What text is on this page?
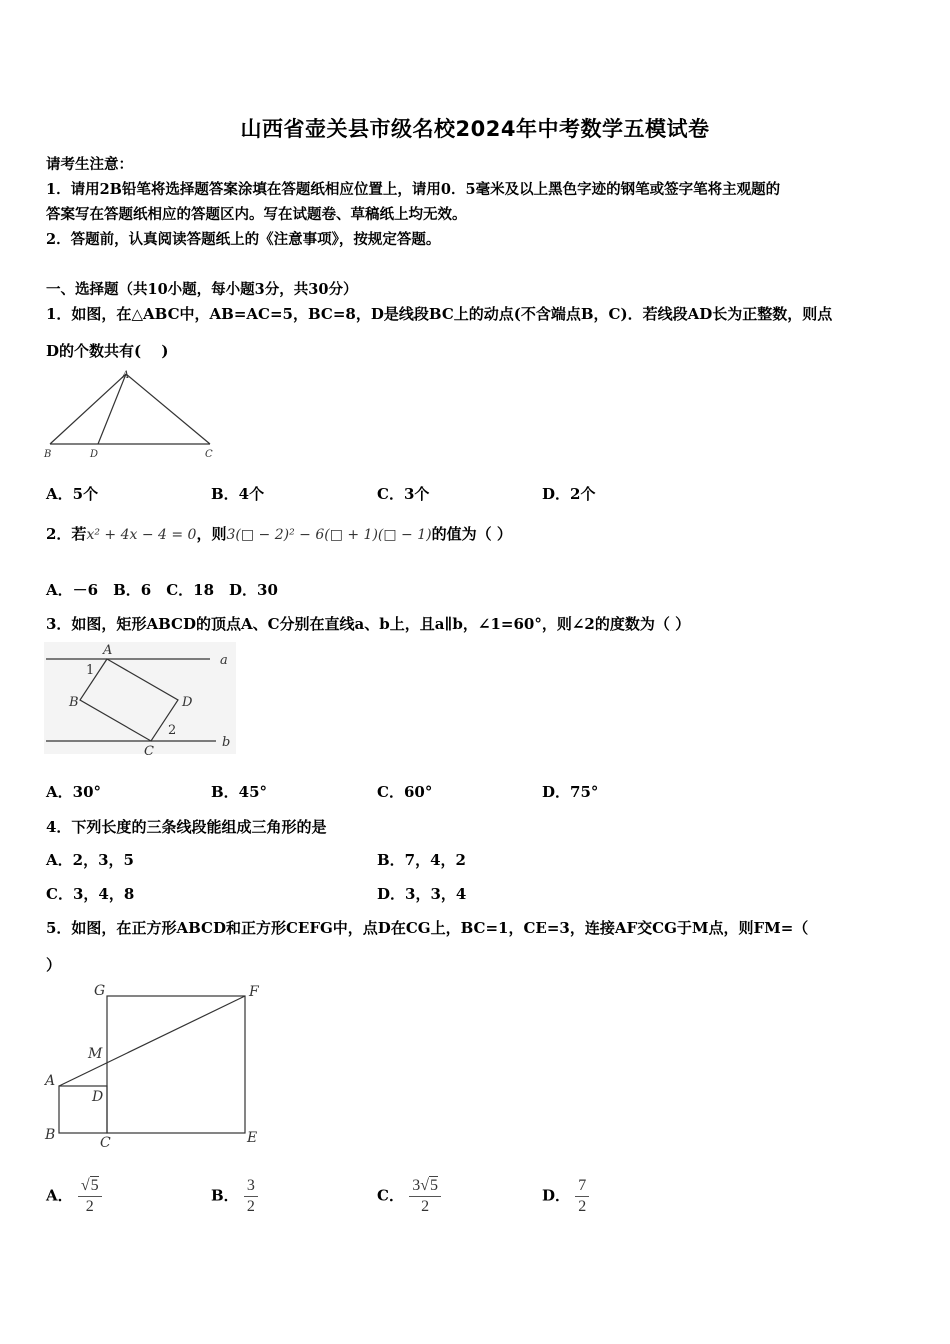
山西省壶关县市级名校2024年中考数学五模试卷
请考生注意：
1．请用2B铅笔将选择题答案涂填在答题纸相应位置上，请用0．5毫米及以上黑色字迹的钢笔或签字笔将主观题的
答案写在答题纸相应的答题区内。写在试题卷、草稿纸上均无效。
2．答题前，认真阅读答题纸上的《注意事项》，按规定答题。
一、选择题（共10小题，每小题3分，共30分）
1．如图，在△ABC中，AB=AC=5，BC=8，D是线段BC上的动点(不含端点B，C)．若线段AD长为正整数，则点
D的个数共有(　 )
A
B	D	C
A．5个	B．4个	C．3个	D．2个
2．若x² + 4x − 4 = 0，则3(□ − 2)² − 6(□ + 1)(□ − 1)的值为（ ）
A．－6　B．6　C．18　D．30
3．如图，矩形ABCD的顶点A、C分别在直线a、b上，且a∥b，∠1=60°，则∠2的度数为（ ）
A
a
1
B	D
2
C
b
A．30°	B．45°	C．60°	D．75°
4．下列长度的三条线段能组成三角形的是
A．2，3，5	B．7，4，2
C．3，4，8	D．3，3，4
5．如图，在正方形ABCD和正方形CEFG中，点D在CG上，BC=1，CE=3，连接AF交CG于M点，则FM=（
）
G	F
M
A
D
B	C	E
A． $\frac{√5}{2}$	B． $\frac{3}{2}$	C． $\frac{3√5}{2}$	D． $\frac{7}{2}$
